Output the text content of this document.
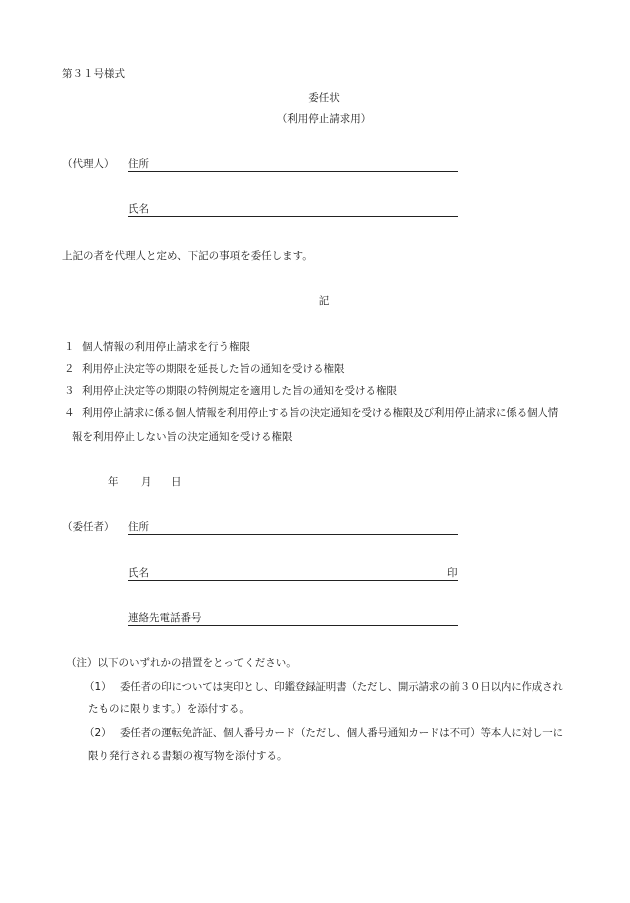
第３１号様式
委任状
（利用停止請求用）
（代理人） 住所
氏名
上記の者を代理人と定め、下記の事項を委任します。
記
１ 個人情報の利用停止請求を行う権限
２ 利用停止決定等の期限を延長した旨の通知を受ける権限
３ 利用停止決定等の期限の特例規定を適用した旨の通知を受ける権限
４ 利用停止請求に係る個人情報を利用停止する旨の決定通知を受ける権限及び利用停止請求に係る個人情
報を利用停止しない旨の決定通知を受ける権限
年 月 日
（委任者） 住所
氏名	印
連絡先電話番号
（注）以下のいずれかの措置をとってください。
（1） 委任者の印については実印とし、印鑑登録証明書（ただし、開示請求の前３０日以内に作成され
たものに限ります。）を添付する。
（2） 委任者の運転免許証、個人番号カード（ただし、個人番号通知カードは不可）等本人に対し一に
限り発行される書類の複写物を添付する。
